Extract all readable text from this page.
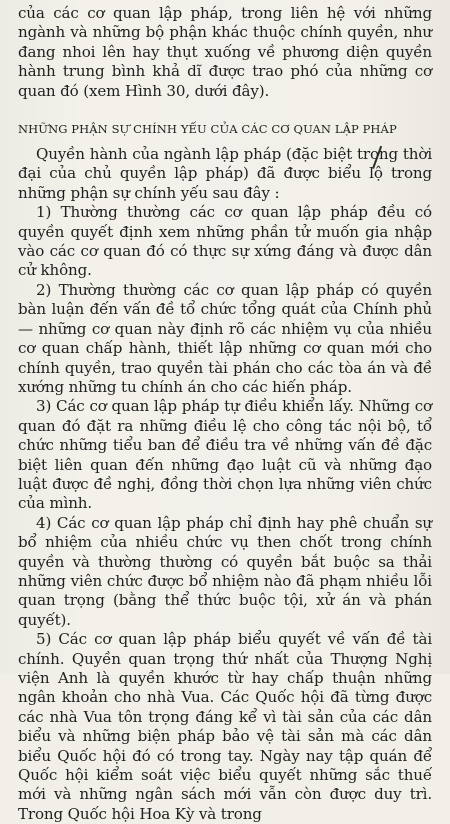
của các cơ quan lập pháp, trong liên hệ với những ngành và những bộ phận khác thuộc chính quyền, như đang nhoi lên hay thụt xuống về phương diện quyền hành trung bình khả dĩ được trao phó của những cơ quan đó (xem Hình 30, dưới đây).

NHỮNG PHẬN SỰ CHÍNH YẾU CỦA CÁC CƠ QUAN LẬP PHÁP

Quyền hành của ngành lập pháp (đặc biệt trong thời đại của chủ quyền lập pháp) đã được biểu lộ trong những phận sự chính yếu sau đây :

1) Thường thường các cơ quan lập pháp đều có quyền quyết định xem những phần tử muốn gia nhập vào các cơ quan đó có thực sự xứng đáng và được dân cử không.

2) Thường thường các cơ quan lập pháp có quyền bàn luận đến vấn đề tổ chức tổng quát của Chính phủ — những cơ quan này định rõ các nhiệm vụ của nhiều cơ quan chấp hành, thiết lập những cơ quan mới cho chính quyền, trao quyền tài phán cho các tòa án và đề xướng những tu chính án cho các hiến pháp.

3) Các cơ quan lập pháp tự điều khiển lấy. Những cơ quan đó đặt ra những điều lệ cho công tác nội bộ, tổ chức những tiểu ban để điều tra về những vấn đề đặc biệt liên quan đến những đạo luật cũ và những đạo luật được đề nghị, đồng thời chọn lựa những viên chức của mình.

4) Các cơ quan lập pháp chỉ định hay phê chuẩn sự bổ nhiệm của nhiều chức vụ then chốt trong chính quyền và thường thường có quyền bắt buộc sa thải những viên chức được bổ nhiệm nào đã phạm nhiều lỗi quan trọng (bằng thể thức buộc tội, xử án và phán quyết).

5) Các cơ quan lập pháp biểu quyết về vấn đề tài chính. Quyền quan trọng thứ nhất của Thượng Nghị viện Anh là quyền khước từ hay chấp thuận những ngân khoản cho nhà Vua. Các Quốc hội đã từng được các nhà Vua tôn trọng đáng kể vì tài sản của các dân biểu và những biện pháp bảo vệ tài sản mà các dân biểu Quốc hội đó có trong tay. Ngày nay tập quán để Quốc hội kiểm soát việc biểu quyết những sắc thuế mới và những ngân sách mới vẫn còn được duy trì. Trong Quốc hội Hoa Kỳ và trong
